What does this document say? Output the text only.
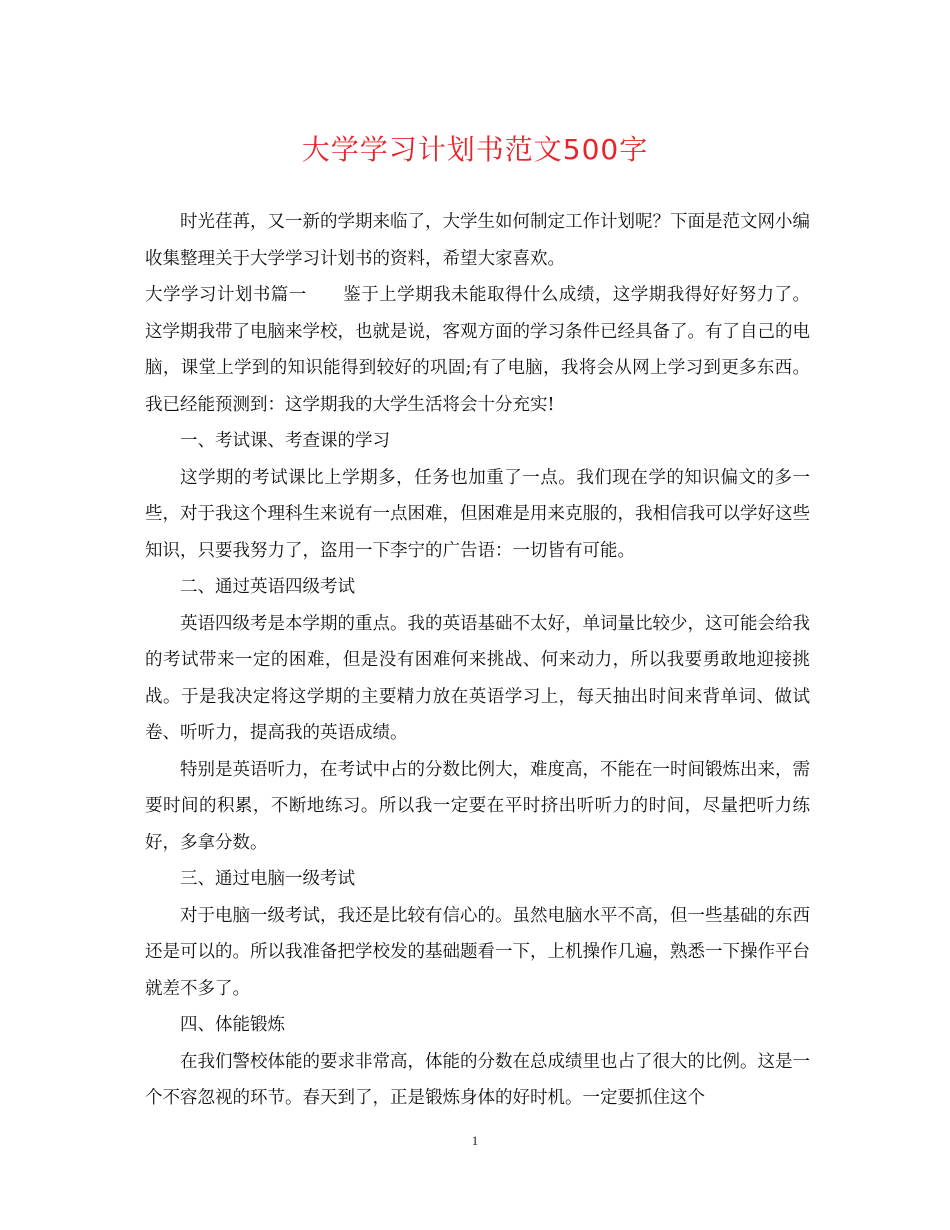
大学学习计划书范文500字

时光荏苒，又一新的学期来临了，大学生如何制定工作计划呢？下面是范文网小编收集整理关于大学学习计划书的资料，希望大家喜欢。

大学学习计划书篇一 鉴于上学期我未能取得什么成绩，这学期我得好好努力了。这学期我带了电脑来学校，也就是说，客观方面的学习条件已经具备了。有了自己的电脑，课堂上学到的知识能得到较好的巩固;有了电脑，我将会从网上学习到更多东西。我已经能预测到：这学期我的大学生活将会十分充实!

一、考试课、考查课的学习

这学期的考试课比上学期多，任务也加重了一点。我们现在学的知识偏文的多一些，对于我这个理科生来说有一点困难，但困难是用来克服的，我相信我可以学好这些知识，只要我努力了，盗用一下李宁的广告语：一切皆有可能。

二、通过英语四级考试

英语四级考是本学期的重点。我的英语基础不太好，单词量比较少，这可能会给我的考试带来一定的困难，但是没有困难何来挑战、何来动力，所以我要勇敢地迎接挑战。于是我决定将这学期的主要精力放在英语学习上，每天抽出时间来背单词、做试卷、听听力，提高我的英语成绩。

特别是英语听力，在考试中占的分数比例大，难度高，不能在一时间锻炼出来，需要时间的积累，不断地练习。所以我一定要在平时挤出听听力的时间，尽量把听力练好，多拿分数。

三、通过电脑一级考试

对于电脑一级考试，我还是比较有信心的。虽然电脑水平不高，但一些基础的东西还是可以的。所以我准备把学校发的基础题看一下，上机操作几遍，熟悉一下操作平台就差不多了。

四、体能锻炼

在我们警校体能的要求非常高，体能的分数在总成绩里也占了很大的比例。这是一个不容忽视的环节。春天到了，正是锻炼身体的好时机。一定要抓住这个

1
